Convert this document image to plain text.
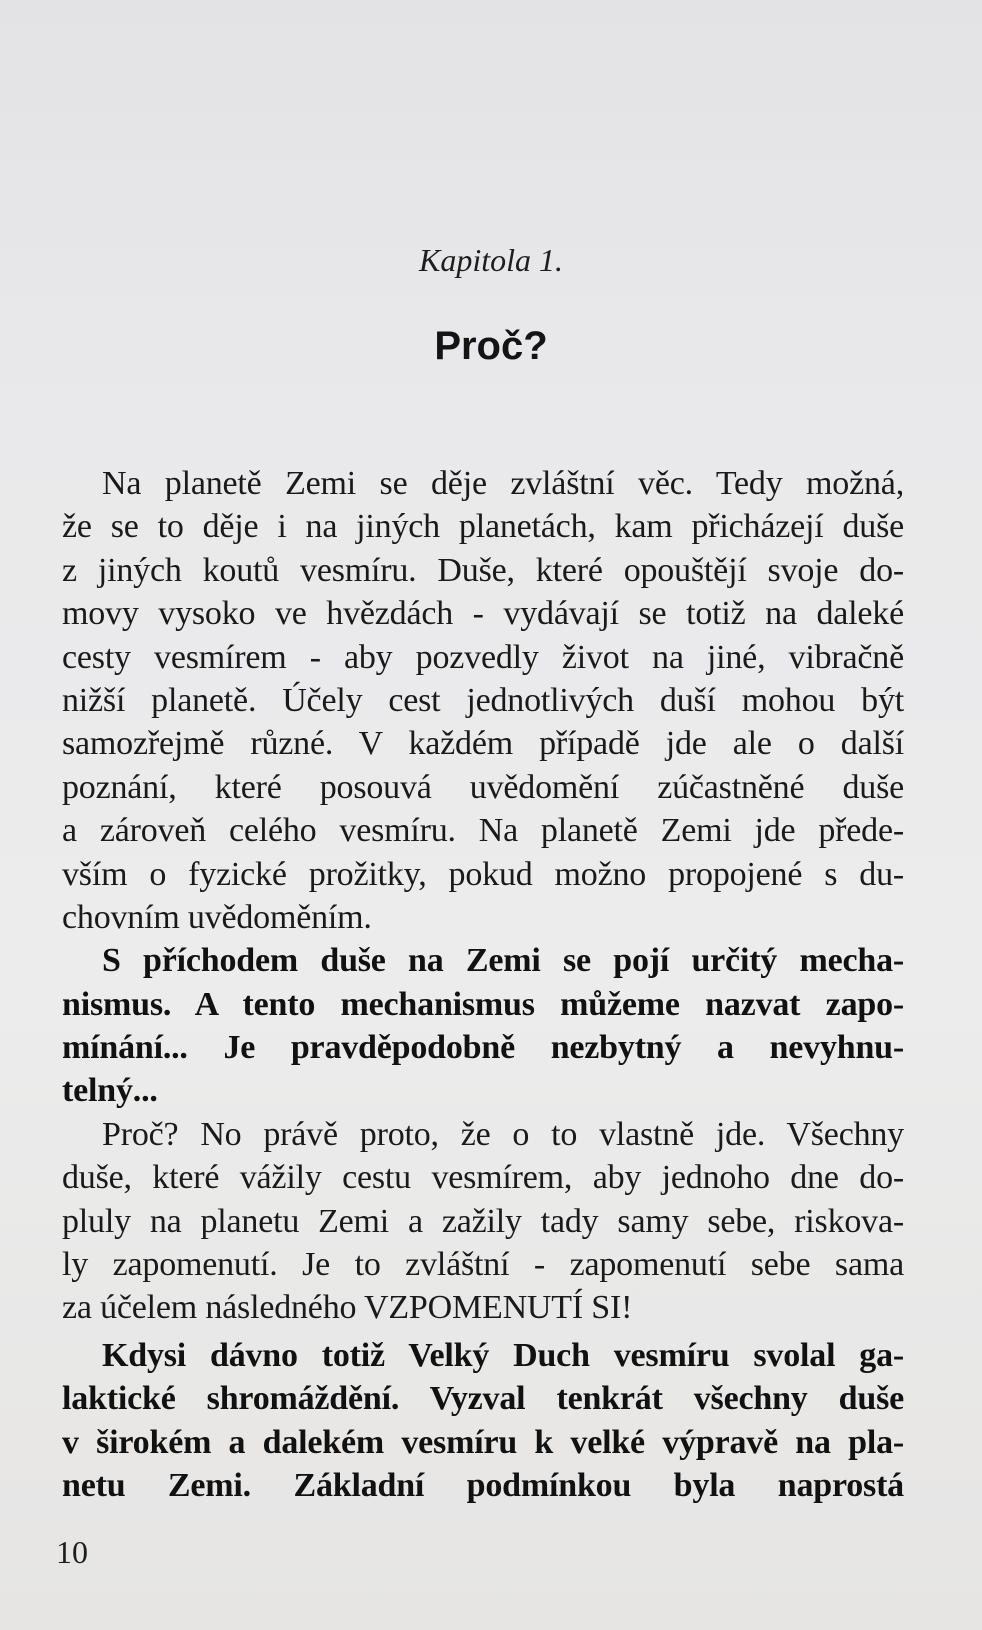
Kapitola 1.
Proč?
Na planetě Zemi se děje zvláštní věc. Tedy možná,
že se to děje i na jiných planetách, kam přicházejí duše
z jiných koutů vesmíru. Duše, které opouštějí svoje do-
movy vysoko ve hvězdách - vydávají se totiž na daleké
cesty vesmírem - aby pozvedly život na jiné, vibračně
nižší planetě. Účely cest jednotlivých duší mohou být
samozřejmě různé. V každém případě jde ale o další
poznání, které posouvá uvědomění zúčastněné duše
a zároveň celého vesmíru. Na planetě Zemi jde přede-
vším o fyzické prožitky, pokud možno propojené s du-
chovním uvědoměním.
S příchodem duše na Zemi se pojí určitý mecha-
nismus. A tento mechanismus můžeme nazvat zapo-
mínání... Je pravděpodobně nezbytný a nevyhnu-
telný...
Proč? No právě proto, že o to vlastně jde. Všechny
duše, které vážily cestu vesmírem, aby jednoho dne do-
pluly na planetu Zemi a zažily tady samy sebe, riskova-
ly zapomenutí. Je to zvláštní - zapomenutí sebe sama
za účelem následného VZPOMENUTÍ SI!
Kdysi dávno totiž Velký Duch vesmíru svolal ga-
laktické shromáždění. Vyzval tenkrát všechny duše
v širokém a dalekém vesmíru k velké výpravě na pla-
netu Zemi. Základní podmínkou byla naprostá
10
